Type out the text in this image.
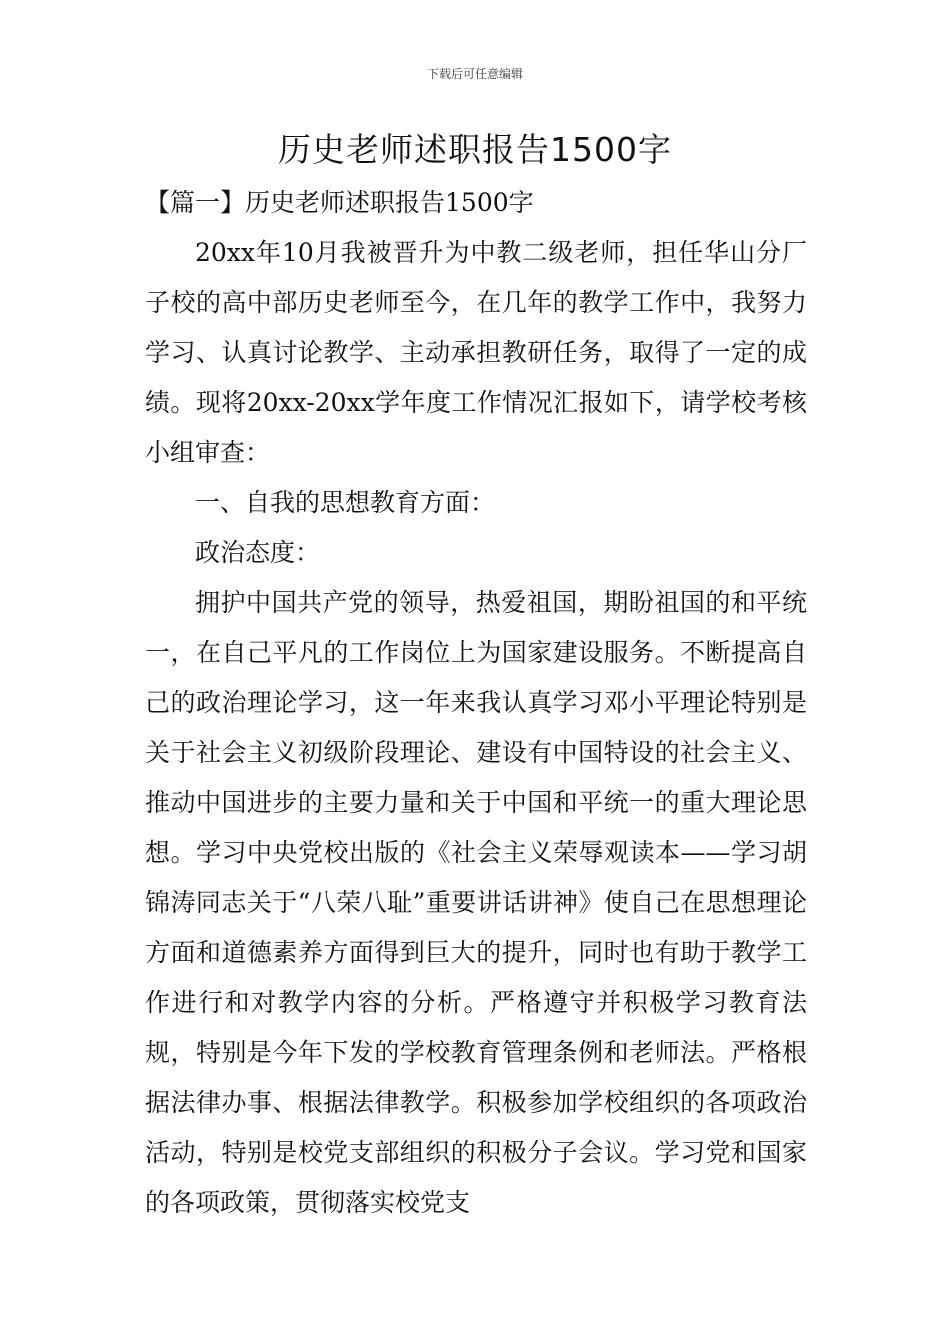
下载后可任意编辑
历史老师述职报告1500字

【篇一】历史老师述职报告1500字

20xx年10月我被晋升为中教二级老师，担任华山分厂子校的高中部历史老师至今，在几年的教学工作中，我努力学习、认真讨论教学、主动承担教研任务，取得了一定的成绩。现将20xx-20xx学年度工作情况汇报如下，请学校考核小组审查：

一、自我的思想教育方面：

政治态度：

拥护中国共产党的领导，热爱祖国，期盼祖国的和平统一，在自己平凡的工作岗位上为国家建设服务。不断提高自己的政治理论学习，这一年来我认真学习邓小平理论特别是关于社会主义初级阶段理论、建设有中国特设的社会主义、推动中国进步的主要力量和关于中国和平统一的重大理论思想。学习中央党校出版的《社会主义荣辱观读本——学习胡锦涛同志关于“八荣八耻”重要讲话讲神》使自己在思想理论方面和道德素养方面得到巨大的提升，同时也有助于教学工作进行和对教学内容的分析。严格遵守并积极学习教育法规，特别是今年下发的学校教育管理条例和老师法。严格根据法律办事、根据法律教学。积极参加学校组织的各项政治活动，特别是校党支部组织的积极分子会议。学习党和国家的各项政策，贯彻落实校党支
